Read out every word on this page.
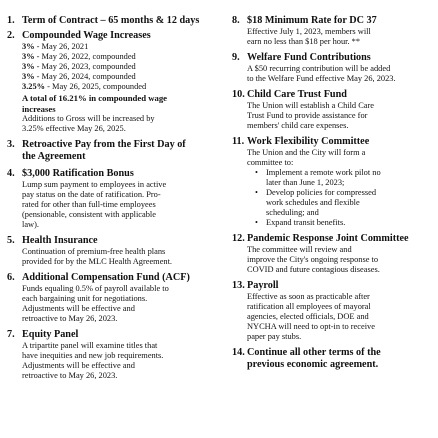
1. Term of Contract – 65 months & 12 days
2. Compounded Wage Increases
3% - May 26, 2021
3% - May 26, 2022, compounded
3% - May 26, 2023, compounded
3% - May 26, 2024, compounded
3.25% - May 26, 2025, compounded
A total of 16.21% in compounded wage
increases
Additions to Gross will be increased by
3.25% effective May 26, 2025.
3. Retroactive Pay from the First Day of
the Agreement
4. $3,000 Ratification Bonus
Lump sum payment to employees in active
pay status on the date of ratification. Pro-
rated for other than full-time employees
(pensionable, consistent with applicable
law).
5. Health Insurance
Continuation of premium-free health plans
provided for by the MLC Health Agreement.
6. Additional Compensation Fund (ACF)
Funds equaling 0.5% of payroll available to
each bargaining unit for negotiations.
Adjustments will be effective and
retroactive to May 26, 2023.
7. Equity Panel
A tripartite panel will examine titles that
have inequities and new job requirements.
Adjustments will be effective and
retroactive to May 26, 2023.
8. $18 Minimum Rate for DC 37
Effective July 1, 2023, members will
earn no less than $18 per hour. **
9. Welfare Fund Contributions
A $50 recurring contribution will be added
to the Welfare Fund effective May 26, 2023.
10. Child Care Trust Fund
The Union will establish a Child Care
Trust Fund to provide assistance for
members' child care expenses.
11. Work Flexibility Committee
The Union and the City will form a
committee to:
• Implement a remote work pilot no
later than June 1, 2023;
• Develop policies for compressed
work schedules and flexible
scheduling; and
• Expand transit benefits.
12. Pandemic Response Joint Committee
The committee will review and
improve the City's ongoing response to
COVID and future contagious diseases.
13. Payroll
Effective as soon as practicable after
ratification all employees of mayoral
agencies, elected officials, DOE and
NYCHA will need to opt-in to receive
paper pay stubs.
14. Continue all other terms of the
previous economic agreement.
